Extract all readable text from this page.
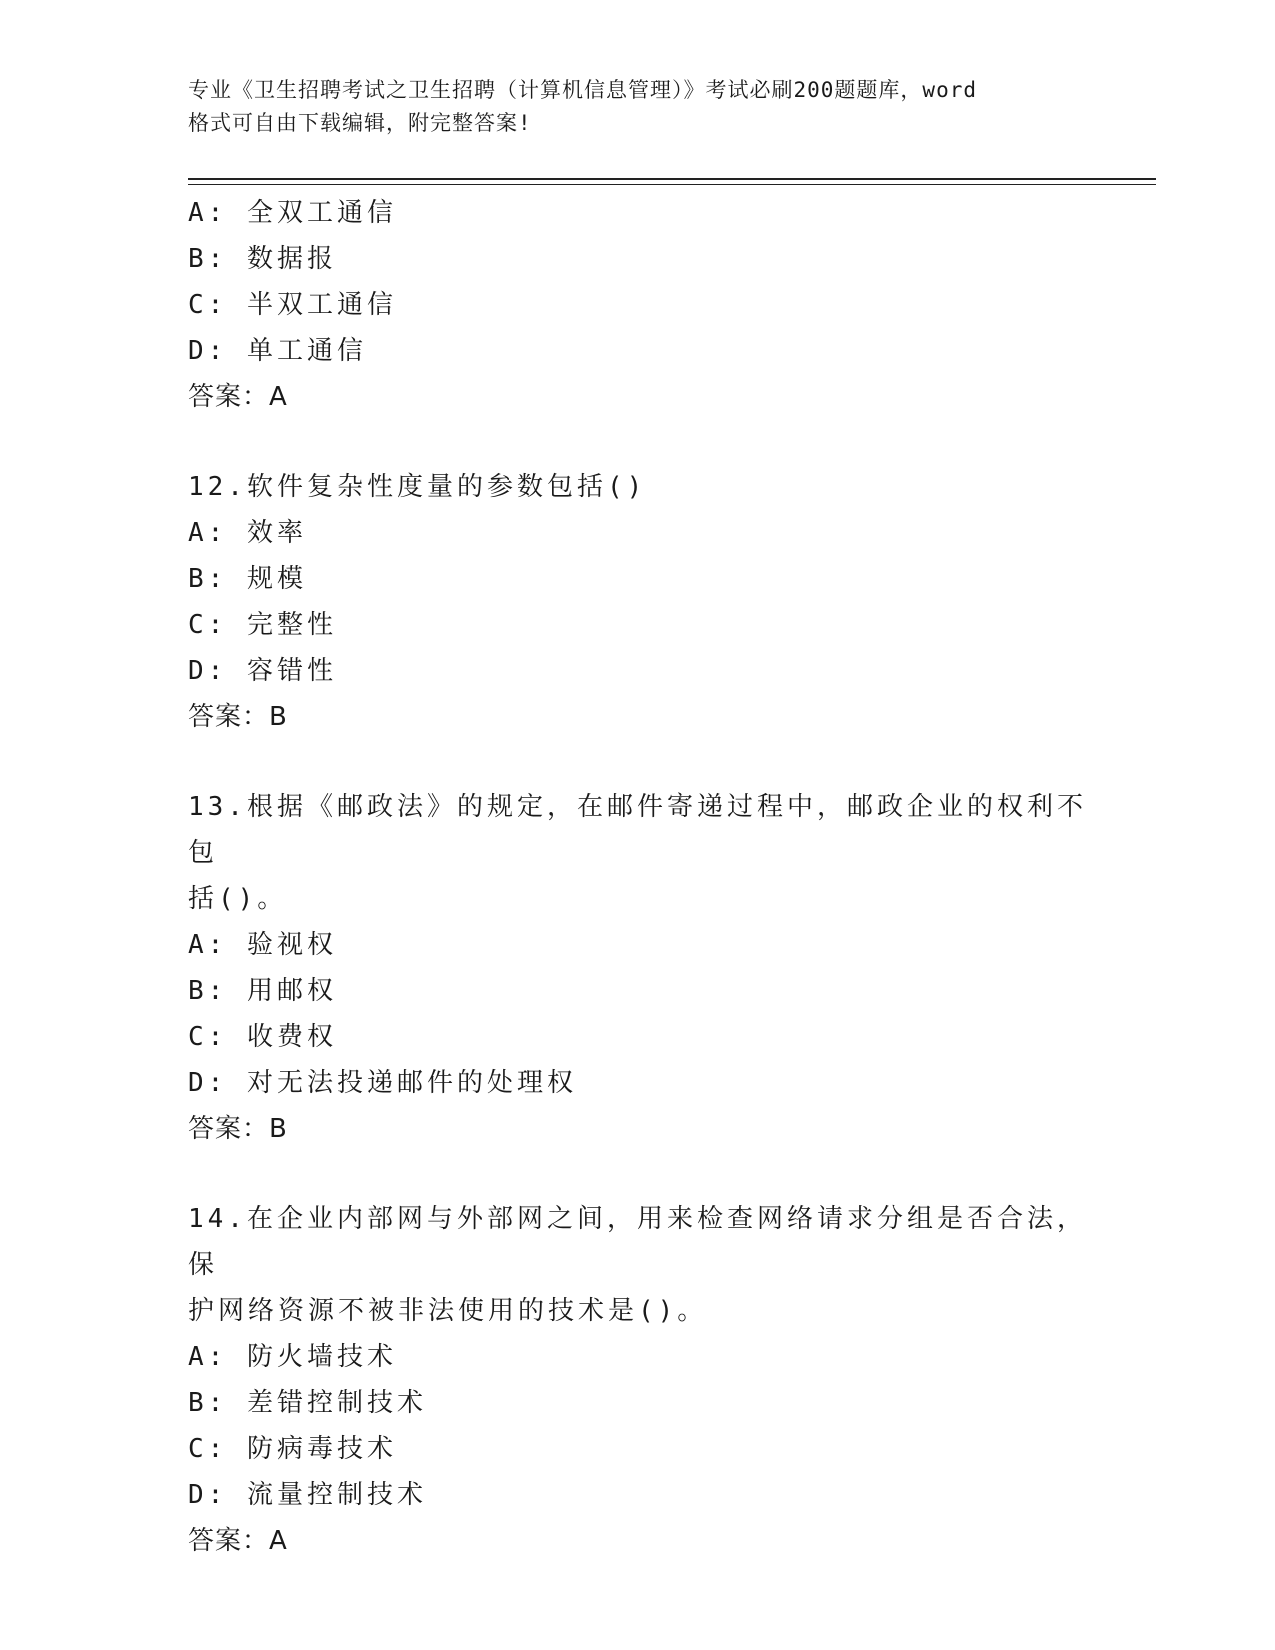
专业《卫生招聘考试之卫生招聘（计算机信息管理）》考试必刷200题题库，word
格式可自由下载编辑，附完整答案!

A: 全双工通信

B: 数据报

C: 半双工通信

D: 单工通信

答案：A

12.软件复杂性度量的参数包括()

A: 效率

B: 规模

C: 完整性

D: 容错性

答案：B

13.根据《邮政法》的规定，在邮件寄递过程中，邮政企业的权利不包

括()。

A: 验视权

B: 用邮权

C: 收费权

D: 对无法投递邮件的处理权

答案：B

14.在企业内部网与外部网之间，用来检查网络请求分组是否合法，保

护网络资源不被非法使用的技术是()。

A: 防火墙技术

B: 差错控制技术

C: 防病毒技术

D: 流量控制技术

答案：A
